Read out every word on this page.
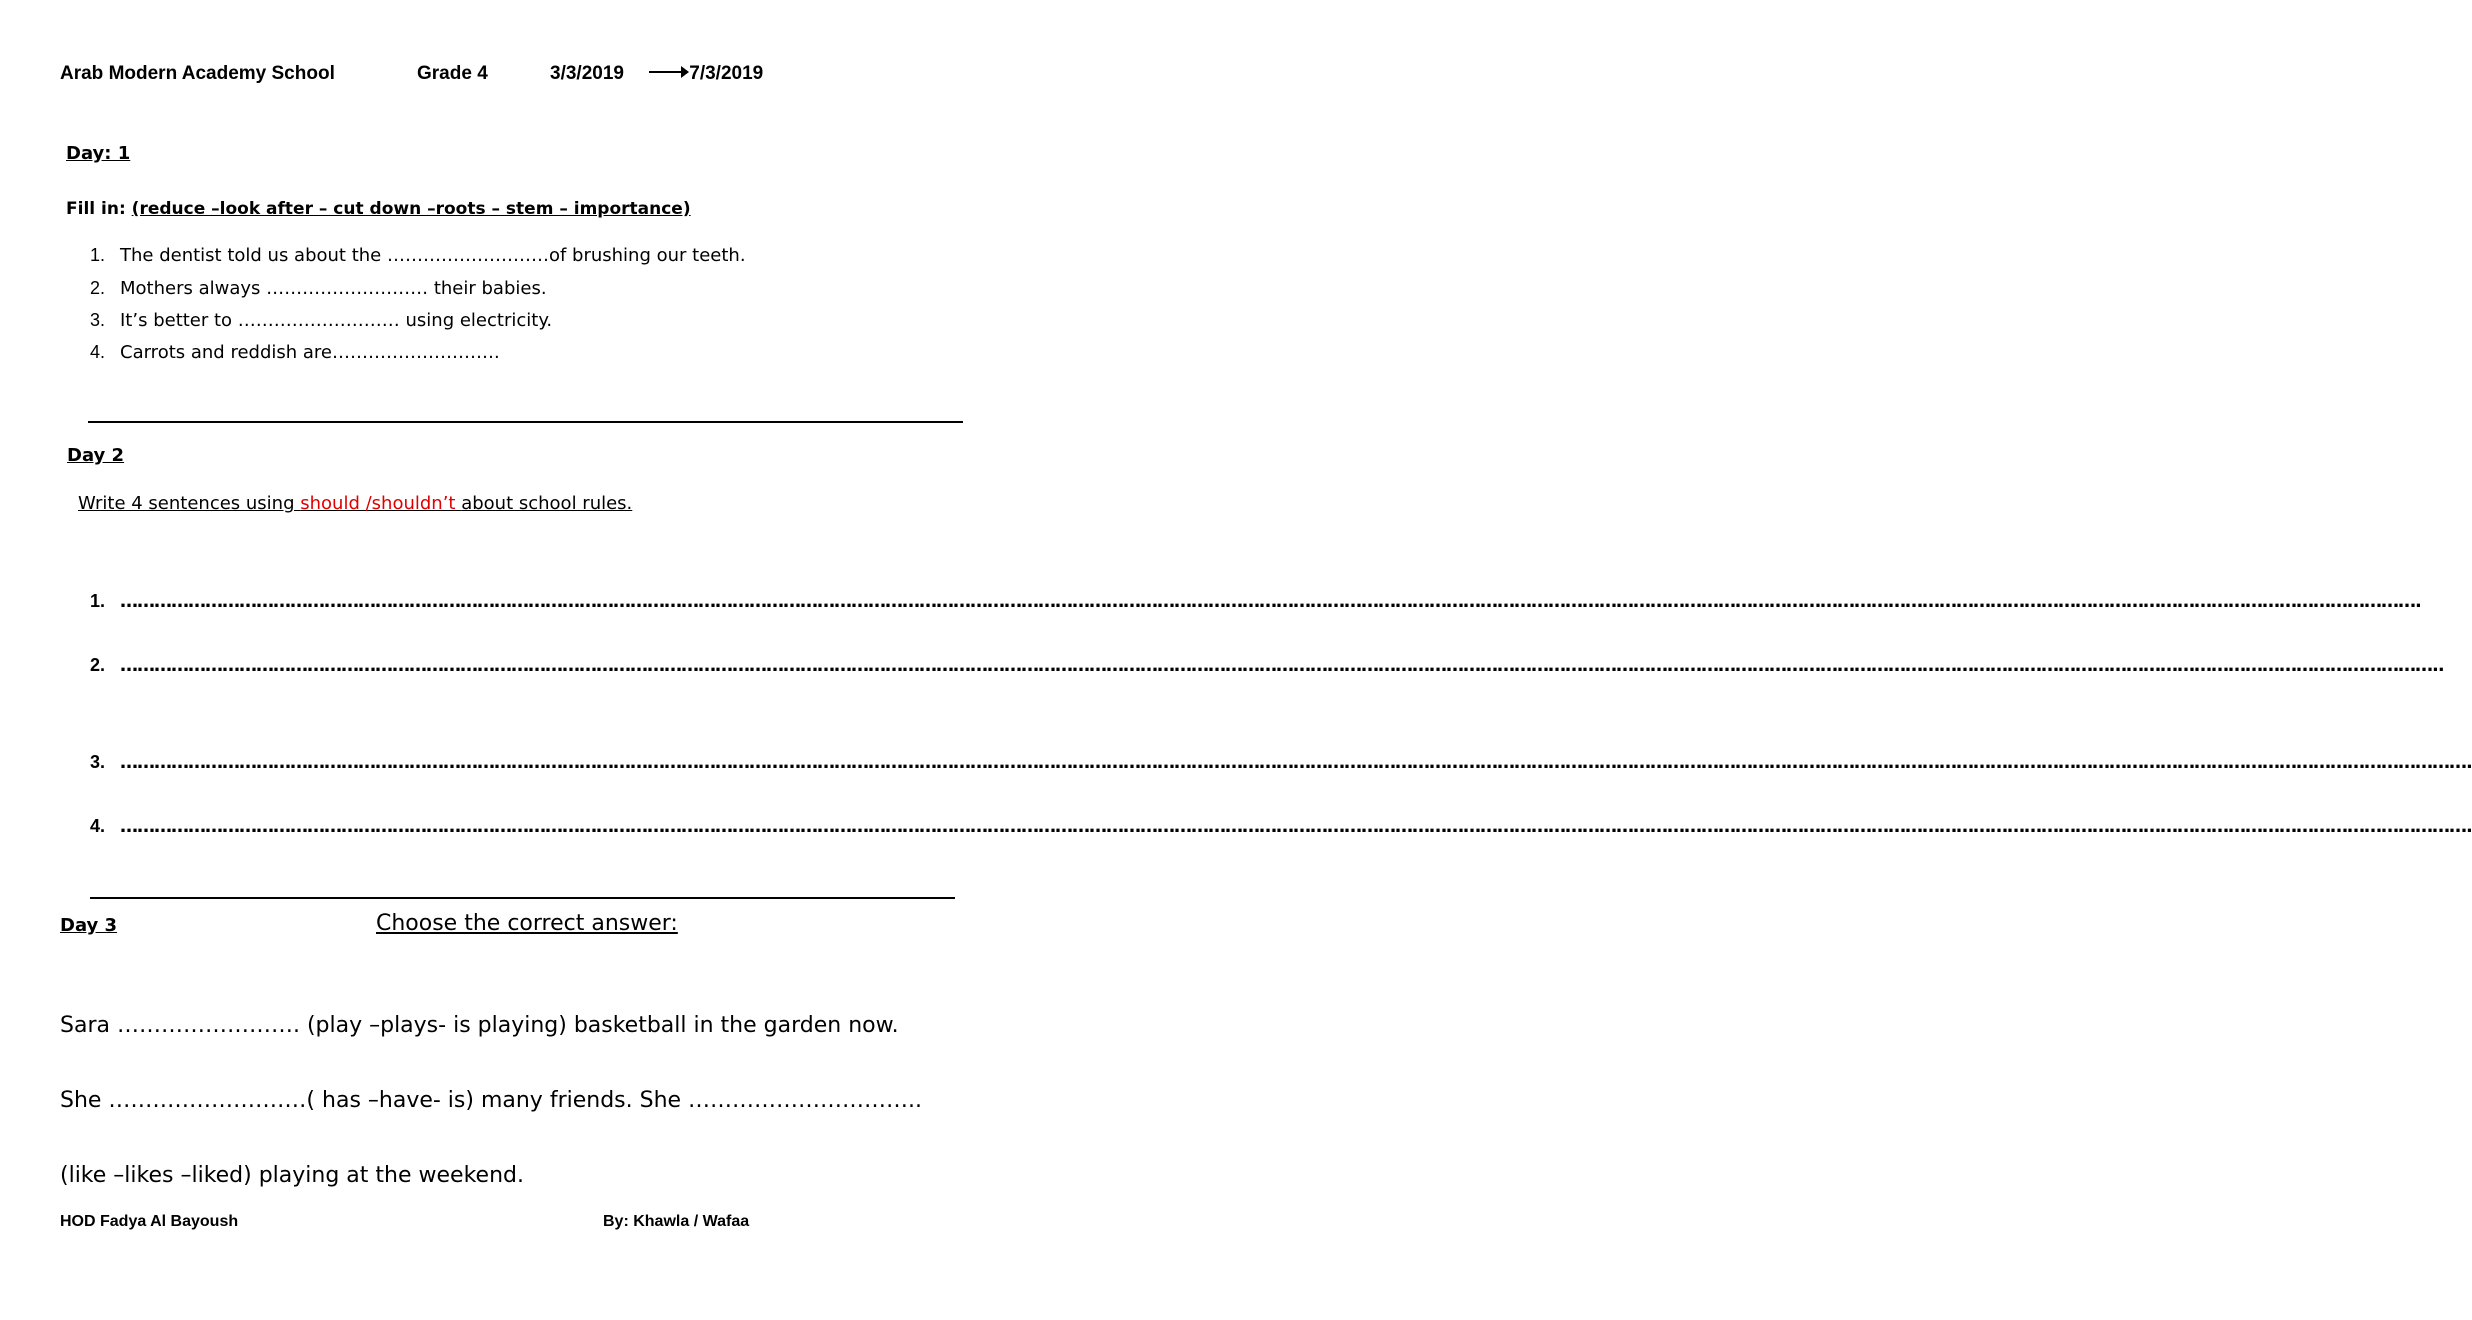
Arab Modern Academy School	Grade 4	3/3/2019	7/3/2019
Day: 1
Fill in: (reduce –look after – cut down –roots – stem – importance)
1. The dentist told us about the ………………………of brushing our teeth.
2. Mothers always ……………………… their babies.
3. It’s better to ……………………… using electricity.
4. Carrots and reddish are……………………….
Day 2
Write 4 sentences using should /shouldn’t about school rules.
1. ……………………………………………………………………………………………………………………………………………………………………………………………………………………………………………………………………………………………………………………………………………………………………….
2. …………………………………………………………………………………………………………………………………………………………………………………………………………………………………………………………………………………………………………………………………………………………………………..
3. ……………………………………………………………………………………………………………………………………………………………………………………………………………………………………………………………………………………………………………………………………………………………………………….
4. ……………………………………………………………………………………………………………………………………………………………………………………………………………………………………………………………………………………………………………………………………………………………………………….
Day 3	Choose the correct answer:
Sara ……………………. (play –plays- is playing) basketball in the garden now.
She ………………………( has –have- is) many friends. She …………………………..
(like –likes –liked) playing at the weekend.
HOD Fadya Al Bayoush	By: Khawla / Wafaa
